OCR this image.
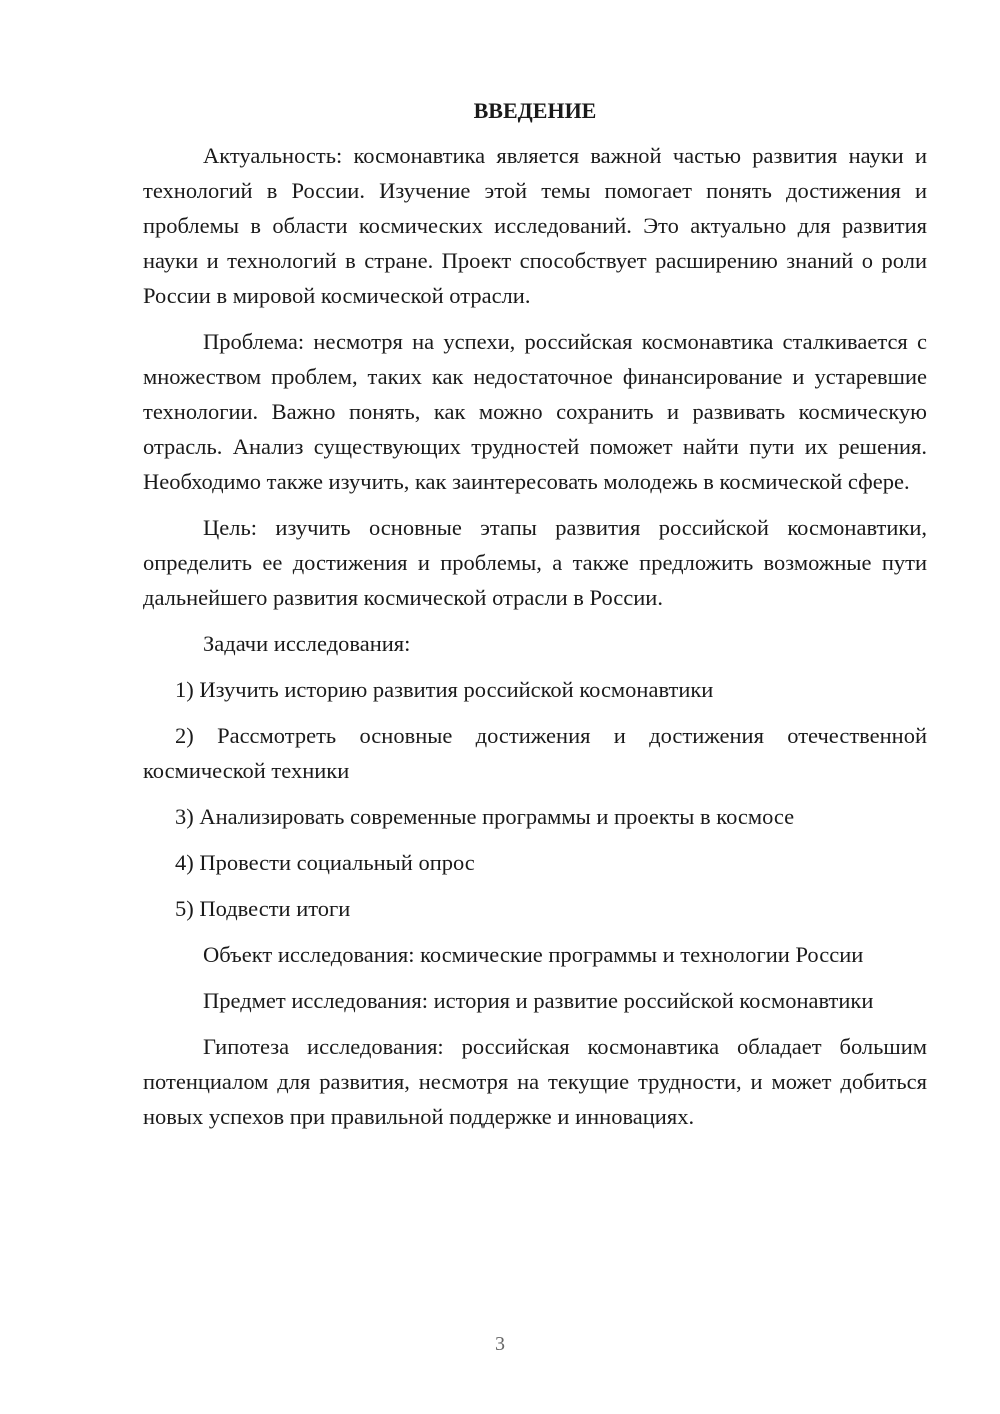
ВВЕДЕНИЕ

Актуальность: космонавтика является важной частью развития науки и технологий в России. Изучение этой темы помогает понять достижения и проблемы в области космических исследований. Это актуально для развития науки и технологий в стране. Проект способствует расширению знаний о роли России в мировой космической отрасли.

Проблема: несмотря на успехи, российская космонавтика сталкивается с множеством проблем, таких как недостаточное финансирование и устаревшие технологии. Важно понять, как можно сохранить и развивать космическую отрасль. Анализ существующих трудностей поможет найти пути их решения. Необходимо также изучить, как заинтересовать молодежь в космической сфере.

Цель: изучить основные этапы развития российской космонавтики, определить ее достижения и проблемы, а также предложить возможные пути дальнейшего развития космической отрасли в России.

Задачи исследования:

1) Изучить историю развития российской космонавтики

2) Рассмотреть основные достижения и достижения отечественной космической техники

3) Анализировать современные программы и проекты в космосе

4) Провести социальный опрос

5) Подвести итоги

Объект исследования: космические программы и технологии России

Предмет исследования: история и развитие российской космонавтики

Гипотеза исследования: российская космонавтика обладает большим потенциалом для развития, несмотря на текущие трудности, и может добиться новых успехов при правильной поддержке и инновациях.

3
